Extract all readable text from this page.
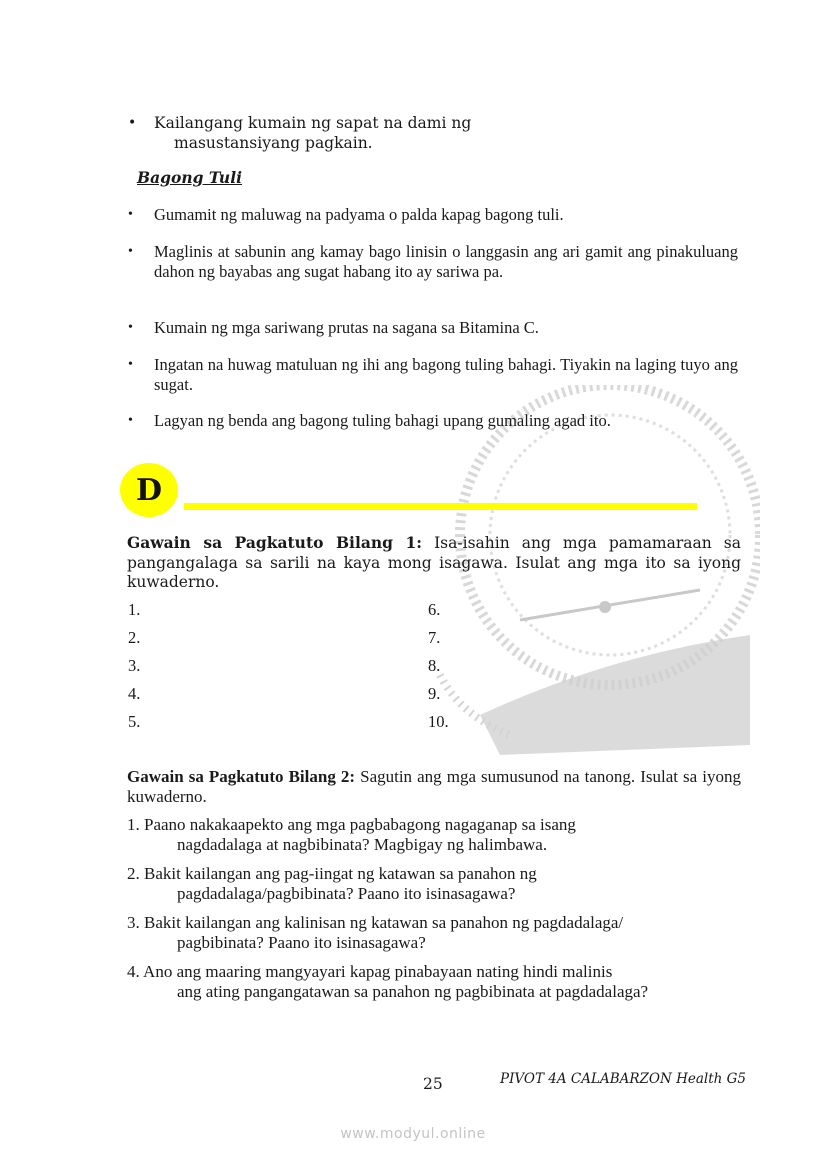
•	Kailangang kumain ng sapat na dami ng
masustansiyang pagkain.
Bagong Tuli
• Gumamit ng maluwag na padyama o palda kapag bagong tuli.
• Maglinis at sabunin ang kamay bago linisin o langgasin ang ari gamit ang pinakuluang dahon ng bayabas ang sugat habang ito ay sariwa pa.
• Kumain ng mga sariwang prutas na sagana sa Bitamina C.
• Ingatan na huwag matuluan ng ihi ang bagong tuling bahagi. Tiyakin na laging tuyo ang sugat.
• Lagyan ng benda ang bagong tuling bahagi upang gumaling agad ito.
D
Gawain sa Pagkatuto Bilang 1: Isa-isahin ang mga pamamaraan sa pangangalaga sa sarili na kaya mong isagawa. Isulat ang mga ito sa iyong kuwaderno.
1.
2.
3.
4.
5.
6.
7.
8.
9.
10.
Gawain sa Pagkatuto Bilang 2: Sagutin ang mga sumusunod na tanong. Isulat sa iyong kuwaderno.
1. Paano nakakaapekto ang mga pagbabagong nagaganap sa isang
nagdadalaga at nagbibinata? Magbigay ng halimbawa.
2. Bakit kailangan ang pag-iingat ng katawan sa panahon ng
pagdadalaga/pagbibinata? Paano ito isinasagawa?
3. Bakit kailangan ang kalinisan ng katawan sa panahon ng pagdadalaga/
pagbibinata? Paano ito isinasagawa?
4. Ano ang maaring mangyayari kapag pinabayaan nating hindi malinis
ang ating pangangatawan sa panahon ng pagbibinata at pagdadalaga?
25	PIVOT 4A CALABARZON Health G5
www.modyul.online
